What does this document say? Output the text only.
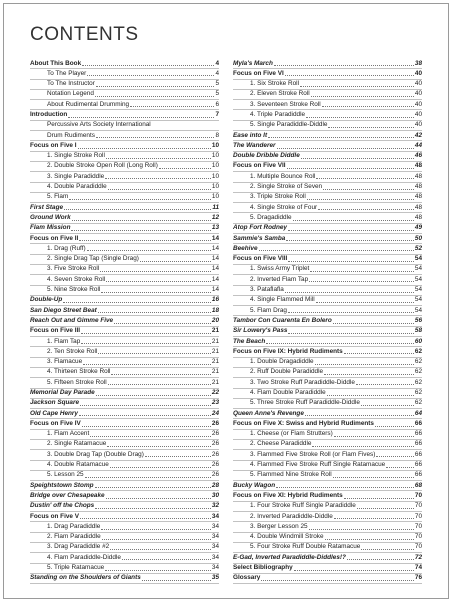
CONTENTS
About This Book	4
To The Player	4
To The Instructor	5
Notation Legend	5
About Rudimental Drumming	6
Introduction	7
Percussive Arts Society International
Drum Rudiments	8
Focus on Five I	10
1. Single Stroke Roll	10
2. Double Stroke Open Roll (Long Roll)	10
3. Single Paradiddle	10
4. Double Paradiddle	10
5. Flam	10
First Stage	11
Ground Work	12
Flam Mission	13
Focus on Five II	14
1. Drag (Ruff)	14
2. Single Drag Tap (Single Drag)	14
3. Five Stroke Roll	14
4. Seven Stroke Roll	14
5. Nine Stroke Roll	14
Double-Up	16
San Diego Street Beat	18
Reach Out and Gimme Five	20
Focus on Five III	21
1. Flam Tap	21
2. Ten Stroke Roll	21
3. Flamacue	21
4. Thirteen Stroke Roll	21
5. Fifteen Stroke Roll	21
Memorial Day Parade	22
Jackson Square	23
Old Cape Henry	24
Focus on Five IV	26
1. Flam Accent	26
2. Single Ratamacue	26
3. Double Drag Tap (Double Drag)	26
4. Double Ratamacue	26
5. Lesson 25	26
Speightstown Stomp	28
Bridge over Chesapeake	30
Dustin' off the Chops	32
Focus on Five V	34
1. Drag Paradiddle	34
2. Flam Paradiddle	34
3. Drag Paradiddle #2	34
4. Flam Paradiddle-Diddle	34
5. Triple Ratamacue	34
Standing on the Shoulders of Giants	35
Myla's March	38
Focus on Five VI	40
1. Six Stroke Roll	40
2. Eleven Stroke Roll	40
3. Seventeen Stroke Roll	40
4. Triple Paradiddle	40
5. Single Paradiddle-Diddle	40
Ease into It	42
The Wanderer	44
Double Dribble Diddle	46
Focus on Five VII	48
1. Multiple Bounce Roll	48
2. Single Stroke of Seven	48
3. Triple Stroke Roll	48
4. Single Stroke of Four	48
5. Dragadiddle	48
Atop Fort Rodney	49
Sammie's Samba	50
Beehive	52
Focus on Five VIII	54
1. Swiss Army Triplet	54
2. Inverted Flam Tap	54
3. Pataflafla	54
4. Single Flammed Mill	54
5. Flam Drag	54
Tambor Con Cuarenta En Bolero	56
Sir Lowery's Pass	58
The Beach	60
Focus on Five IX: Hybrid Rudiments	62
1. Double Dragadiddle	62
2. Ruff Double Paradiddle	62
3. Two Stroke Ruff Paradiddle-Diddle	62
4. Flam Double Paradiddle	62
5. Three Stroke Ruff Paradiddle-Diddle	62
Queen Anne's Revenge	64
Focus on Five X: Swiss and Hybrid Rudiments	66
1. Cheese (or Flam Strutters)	66
2. Cheese Paradiddle	66
3. Flammed Five Stroke Roll (or Flam Fives)	66
4. Flammed Five Stroke Ruff Single Ratamacue	66
5. Flammed Nine Stroke Roll	66
Bucky Wagon	68
Focus on Five XI: Hybrid Rudiments	70
1. Four Stroke Ruff Single Paradiddle	70
2. Inverted Paradiddle-Diddle	70
3. Berger Lesson 25	70
4. Double Windmill Stroke	70
5. Four Stroke Ruff Double Ratamacue	70
E-Gad, Inverted Paradiddle-Diddles!?	72
Select Bibliography	74
Glossary	76
